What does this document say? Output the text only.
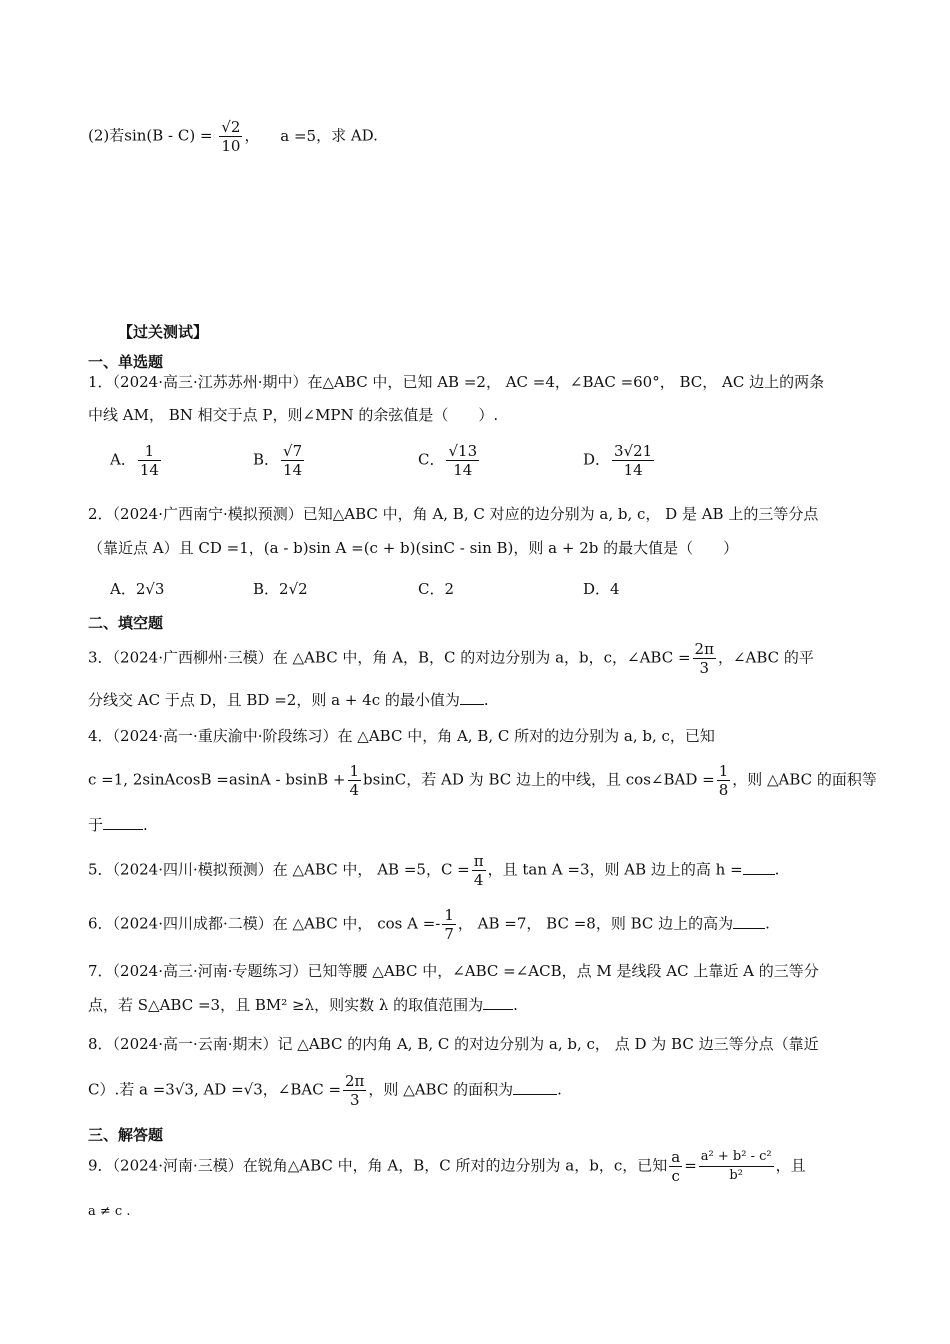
(2)若$\sin(B - C) = \frac{√2}{10}$ ， a =5，求 AD.
【过关测试】
一、单选题
1．（2024·高三·江苏苏州·期中）在△ABC 中，已知 AB =2， AC =4，∠BAC =60°， BC， AC 边上的两条
中线 AM， BN 相交于点 P，则∠MPN 的余弦值是（　　）.
A． $\frac{1}{14}$	B． $\frac{√7}{14}$	C． $\frac{√13}{14}$	D． $\frac{3√21}{14}$
2．（2024·广西南宁·模拟预测）已知△ABC 中，角 A, B, C 对应的边分别为 a, b, c， D 是 AB 上的三等分点
（靠近点 A）且 CD =1，(a - b)sin A =(c + b)(sinC - sin B)，则 a + 2b 的最大值是（　　）
A．2√3	B．2√2	C．2	D．4
二、填空题
3．（2024·广西柳州·三模）在 △ABC 中，角 A，B，C 的对边分别为 a，b，c，∠ABC = $\frac{2\pi}{3}$ ，∠ABC 的平
分线交 AC 于点 D，且 BD =2，则 a + 4c 的最小值为 .
4．（2024·高一·重庆渝中·阶段练习）在 △ABC 中，角 A, B, C 所对的边分别为 a, b, c，已知
c =1, 2sinAcosB $=asinA - bsinB + \frac{1}{4}$ bsinC，若 AD 为 BC 边上的中线，且 cos∠BAD = $\frac{1}{8}$ ，则 △ABC 的面积等
于	.
5．（2024·四川·模拟预测）在 △ABC 中， AB =5，$C = \frac{\pi}{4}$ ，且 tan A =3，则 AB 边上的高 h = .
6．（2024·四川成都·二模）在 △ABC 中， $\cos A =- \frac{1}{7}$ ， AB =7， BC =8，则 BC 边上的高为 .
7．（2024·高三·河南·专题练习）已知等腰 △ABC 中，∠ABC =∠ACB，点 M 是线段 AC 上靠近 A 的三等分
点，若 S△ABC =3，且 BM² ≥λ，则实数 λ 的取值范围为 .
8．（2024·高一·云南·期末）记 △ABC 的内角 A, B, C 的对边分别为 a, b, c， 点 D 为 BC 边三等分点（靠近
C）.若 a =3√3, AD =√3，∠BAC = $\frac{2\pi}{3}$ ，则 △ABC 的面积为	.
三、解答题
9．（2024·河南·三模）在锐角△ABC 中，角 A，B，C 所对的边分别为 a，b，c，已知 $\frac{a}{c} = \frac{\text{a² + b² - c²}}{\text{b²}}$ ，且
a ≠ c .
